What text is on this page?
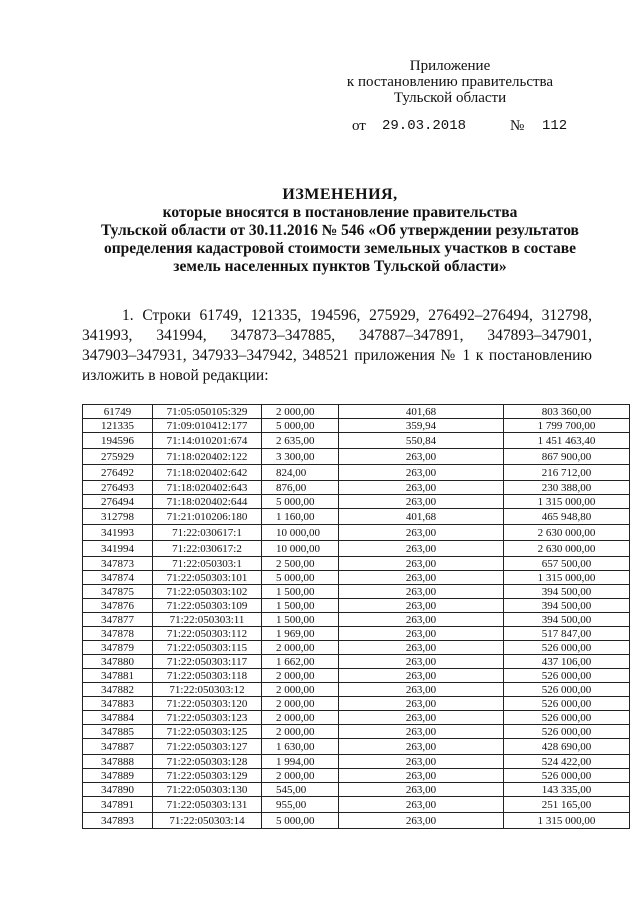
Приложение
к постановлению правительства
Тульской области
от 29.03.2018	№ 112
ИЗМЕНЕНИЯ,
которые вносятся в постановление правительства
Тульской области от 30.11.2016 № 546 «Об утверждении результатов
определения кадастровой стоимости земельных участков в составе
земель населенных пунктов Тульской области»
1. Строки 61749, 121335, 194596, 275929, 276492–276494, 312798,
341993, 341994, 347873–347885, 347887–347891, 347893–347901,
347903–347931, 347933–347942, 348521 приложения № 1 к постановлению
изложить в новой редакции:
61749	71:05:050105:329	2 000,00	401,68	803 360,00
121335	71:09:010412:177	5 000,00	359,94	1 799 700,00
194596	71:14:010201:674	2 635,00	550,84	1 451 463,40
275929	71:18:020402:122	3 300,00	263,00	867 900,00
276492	71:18:020402:642	824,00	263,00	216 712,00
276493	71:18:020402:643	876,00	263,00	230 388,00
276494	71:18:020402:644	5 000,00	263,00	1 315 000,00
312798	71:21:010206:180	1 160,00	401,68	465 948,80
341993	71:22:030617:1	10 000,00	263,00	2 630 000,00
341994	71:22:030617:2	10 000,00	263,00	2 630 000,00
347873	71:22:050303:1	2 500,00	263,00	657 500,00
347874	71:22:050303:101	5 000,00	263,00	1 315 000,00
347875	71:22:050303:102	1 500,00	263,00	394 500,00
347876	71:22:050303:109	1 500,00	263,00	394 500,00
347877	71:22:050303:11	1 500,00	263,00	394 500,00
347878	71:22:050303:112	1 969,00	263,00	517 847,00
347879	71:22:050303:115	2 000,00	263,00	526 000,00
347880	71:22:050303:117	1 662,00	263,00	437 106,00
347881	71:22:050303:118	2 000,00	263,00	526 000,00
347882	71:22:050303:12	2 000,00	263,00	526 000,00
347883	71:22:050303:120	2 000,00	263,00	526 000,00
347884	71:22:050303:123	2 000,00	263,00	526 000,00
347885	71:22:050303:125	2 000,00	263,00	526 000,00
347887	71:22:050303:127	1 630,00	263,00	428 690,00
347888	71:22:050303:128	1 994,00	263,00	524 422,00
347889	71:22:050303:129	2 000,00	263,00	526 000,00
347890	71:22:050303:130	545,00	263,00	143 335,00
347891	71:22:050303:131	955,00	263,00	251 165,00
347893	71:22:050303:14	5 000,00	263,00	1 315 000,00
